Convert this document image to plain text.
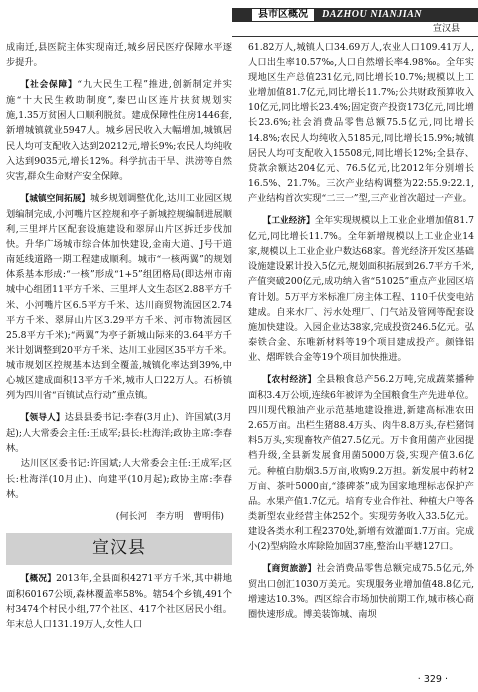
县市区概况	DAZHOU NIANJIAN
宣汉县

成南迁,县医院主体实现南迁,城乡居民医疗保障水平逐步提升。

【社会保障】“九大民生工程”推进,创新制定并实施“十大民生救助制度”,秦巴山区连片扶贫规划实施,1.35万贫困人口顺利脱贫。建成保障性住房1446套,新增城镇就业5947人。城乡居民收入大幅增加,城镇居民人均可支配收入达到20212元,增长9%;农民人均纯收入达到9035元,增长12%。科学抗击干旱、洪涝等自然灾害,群众生命财产安全保障。

【城镇空间拓展】城乡规划调整优化,达川工业园区规划编制完成,小河嘴片区控规和亭子新城控规编制进展顺利,三里坪片区配套设施建设和翠屏山片区拆迁步伐加快。升华广场城市综合体加快建设,金南大道、J号干道南延线道路一期工程建成顺利。城市“一核两翼”的规划体系基本形成:“一核”形成“1+5”组团格局(即达州市南城中心组团11平方千米、三里坪人文生态区2.88平方千米、小河嘴片区6.5平方千米、达川商贸物流园区2.74平方千米、翠屏山片区3.29平方千米、河市物流园区25.8平方千米);“两翼”为亭子新城山际来的3.64平方千米计划调整到20平方千米、达川工业园区35平方千米。城市规划区控规基本达到全覆盖,城镇化率达到39%,中心城区建成面积13平方千米,城市人口22万人。石桥镇列为四川省“百镇试点行动”重点镇。

【领导人】达县县委书记:李春(3月止)、许国斌(3月起);人大常委会主任:王成军;县长:杜海洋;政协主席:李春林。

达川区区委书记:许国斌;人大常委会主任:王成军;区长:杜海洋(10月止)、向建平(10月起);政协主席:李春林。

(何长河　李方明　曹明伟)

宣汉县

【概况】2013年,全县面积4271平方千米,其中耕地面积60167公顷,森林覆盖率58%。辖54个乡镇,491个村3474个村民小组,77个社区、417个社区居民小组。年末总人口131.19万人,女性人口

61.82万人,城镇人口34.69万人,农业人口109.41万人,人口出生率10.57‰,人口自然增长率4.98‰。全年实现地区生产总值231亿元,同比增长10.7%;规模以上工业增加值81.7亿元,同比增长11.7%;公共财政预算收入10亿元,同比增长23.4%;固定资产投资173亿元,同比增长23.6%;社会消费品零售总额75.5亿元,同比增长14.8%;农民人均纯收入5185元,同比增长15.9%;城镇居民人均可支配收入15508元,同比增长12%;全县存、贷款余额达204亿元、76.5亿元,比2012年分别增长16.5%、21.7%。三次产业结构调整为22:55.9:22.1,产业结构首次实现“二三一”型,三产业首次超过一产业。

【工业经济】全年实现规模以上工业企业增加值81.7亿元,同比增长11.7%。全年新增规模以上工业企业14家,规模以上工业企业户数达68家。普光经济开发区基础设施建设累计投入5亿元,规划面积拓展到26.7平方千米,产值突破200亿元,成功纳入省“51025”重点产业园区培育计划。5万平方米标准厂房主体工程、110千伏变电站建成。自来水厂、污水处理厂、门气站及管网等配套设施加快建设。入园企业达38家,完成投资246.5亿元。弘泰铁合金、东唯新材料等19个项目建成投产。颜锋铝业、熠晖铁合金等19个项目加快推进。

【农村经济】全县粮食总产56.2万吨,完成蔬菜播种面积3.4万公顷,连续6年被评为全国粮食生产先进单位。四川现代粮油产业示范基地建设推进,新建高标准农田2.65万亩。出栏生猪88.4万头、肉牛8.8万头,存栏猪饲料5万头,实现畜牧产值27.5亿元。万卡食用菌产业园提档升级,全县新发展食用菌5000万袋,实现产值3.6亿元。种植白肋烟3.5万亩,收购9.2万担。新发展中药材2万亩、茶叶5000亩,“漆碑茶”成为国家地理标志保护产品。水果产值1.7亿元。培育专业合作社、种植大户等各类新型农业经营主体252个。实现劳务收入33.5亿元。建设各类水利工程2370处,新增有效灌面1.7万亩。完成小(2)型病险水库除险加固37座,整治山平塘127口。

【商贸旅游】社会消费品零售总额完成75.5亿元,外贸出口创汇1030万美元。实现服务业增加值48.8亿元,增速达10.3%。西区综合市场加快前期工作,城市核心商圈快速形成。博美装饰城、南坝

· 329 ·
